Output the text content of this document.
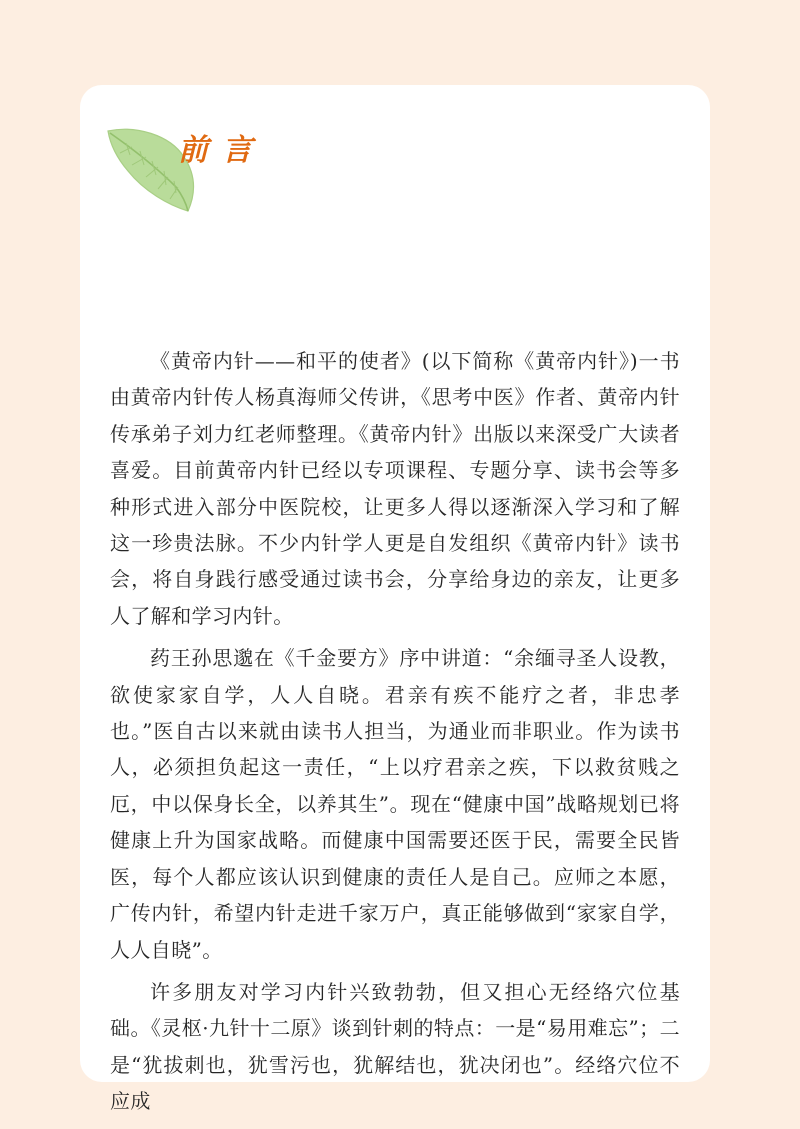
前言

《黄帝内针——和平的使者》(以下简称《黄帝内针》)一书由黄帝内针传人杨真海师父传讲，《思考中医》作者、黄帝内针传承弟子刘力红老师整理。《黄帝内针》出版以来深受广大读者喜爱。目前黄帝内针已经以专项课程、专题分享、读书会等多种形式进入部分中医院校，让更多人得以逐渐深入学习和了解这一珍贵法脉。不少内针学人更是自发组织《黄帝内针》读书会，将自身践行感受通过读书会，分享给身边的亲友，让更多人了解和学习内针。

药王孙思邈在《千金要方》序中讲道：“余缅寻圣人设教，欲使家家自学，人人自晓。君亲有疾不能疗之者，非忠孝也。”医自古以来就由读书人担当，为通业而非职业。作为读书人，必须担负起这一责任，“上以疗君亲之疾，下以救贫贱之厄，中以保身长全，以养其生”。现在“健康中国”战略规划已将健康上升为国家战略。而健康中国需要还医于民，需要全民皆医，每个人都应该认识到健康的责任人是自己。应师之本愿，广传内针，希望内针走进千家万户，真正能够做到“家家自学，人人自晓”。

许多朋友对学习内针兴致勃勃，但又担心无经络穴位基础。《灵枢·九针十二原》谈到针刺的特点：一是“易用难忘”；二是“犹拔刺也，犹雪污也，犹解结也，犹决闭也”。经络穴位不应成
